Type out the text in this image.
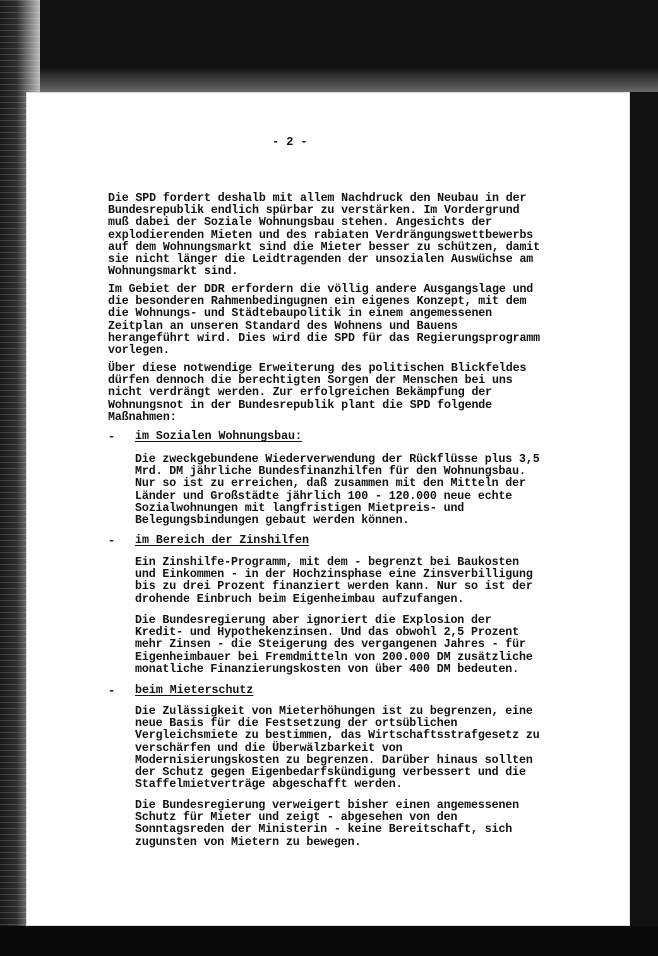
- 2 -
Die SPD fordert deshalb mit allem Nachdruck den Neubau in der
Bundesrepublik endlich spürbar zu verstärken. Im Vordergrund
muß dabei der Soziale Wohnungsbau stehen. Angesichts der
explodierenden Mieten und des rabiaten Verdrängungswettbewerbs
auf dem Wohnungsmarkt sind die Mieter besser zu schützen, damit
sie nicht länger die Leidtragenden der unsozialen Auswüchse am
Wohnungsmarkt sind.
Im Gebiet der DDR erfordern die völlig andere Ausgangslage und
die besonderen Rahmenbedingugnen ein eigenes Konzept, mit dem
die Wohnungs- und Städtebaupolitik in einem angemessenen
Zeitplan an unseren Standard des Wohnens und Bauens
herangeführt wird. Dies wird die SPD für das Regierungsprogramm
vorlegen.
Über diese notwendige Erweiterung des politischen Blickfeldes
dürfen dennoch die berechtigten Sorgen der Menschen bei uns
nicht verdrängt werden. Zur erfolgreichen Bekämpfung der
Wohnungsnot in der Bundesrepublik plant die SPD folgende
Maßnahmen:
- im Sozialen Wohnungsbau:
Die zweckgebundene Wiederverwendung der Rückflüsse plus 3,5
Mrd. DM jährliche Bundesfinanzhilfen für den Wohnungsbau.
Nur so ist zu erreichen, daß zusammen mit den Mitteln der
Länder und Großstädte jährlich 100 - 120.000 neue echte
Sozialwohnungen mit langfristigen Mietpreis- und
Belegungsbindungen gebaut werden können.
- im Bereich der Zinshilfen
Ein Zinshilfe-Programm, mit dem - begrenzt bei Baukosten
und Einkommen - in der Hochzinsphase eine Zinsverbilligung
bis zu drei Prozent finanziert werden kann. Nur so ist der
drohende Einbruch beim Eigenheimbau aufzufangen.
Die Bundesregierung aber ignoriert die Explosion der
Kredit- und Hypothekenzinsen. Und das obwohl 2,5 Prozent
mehr Zinsen - die Steigerung des vergangenen Jahres - für
Eigenheimbauer bei Fremdmitteln von 200.000 DM zusätzliche
monatliche Finanzierungskosten von über 400 DM bedeuten.
- beim Mieterschutz
Die Zulässigkeit von Mieterhöhungen ist zu begrenzen, eine
neue Basis für die Festsetzung der ortsüblichen
Vergleichsmiete zu bestimmen, das Wirtschaftsstrafgesetz zu
verschärfen und die Überwälzbarkeit von
Modernisierungskosten zu begrenzen. Darüber hinaus sollten
der Schutz gegen Eigenbedarfskündigung verbessert und die
Staffelmietverträge abgeschafft werden.
Die Bundesregierung verweigert bisher einen angemessenen
Schutz für Mieter und zeigt - abgesehen von den
Sonntagsreden der Ministerin - keine Bereitschaft, sich
zugunsten von Mietern zu bewegen.
